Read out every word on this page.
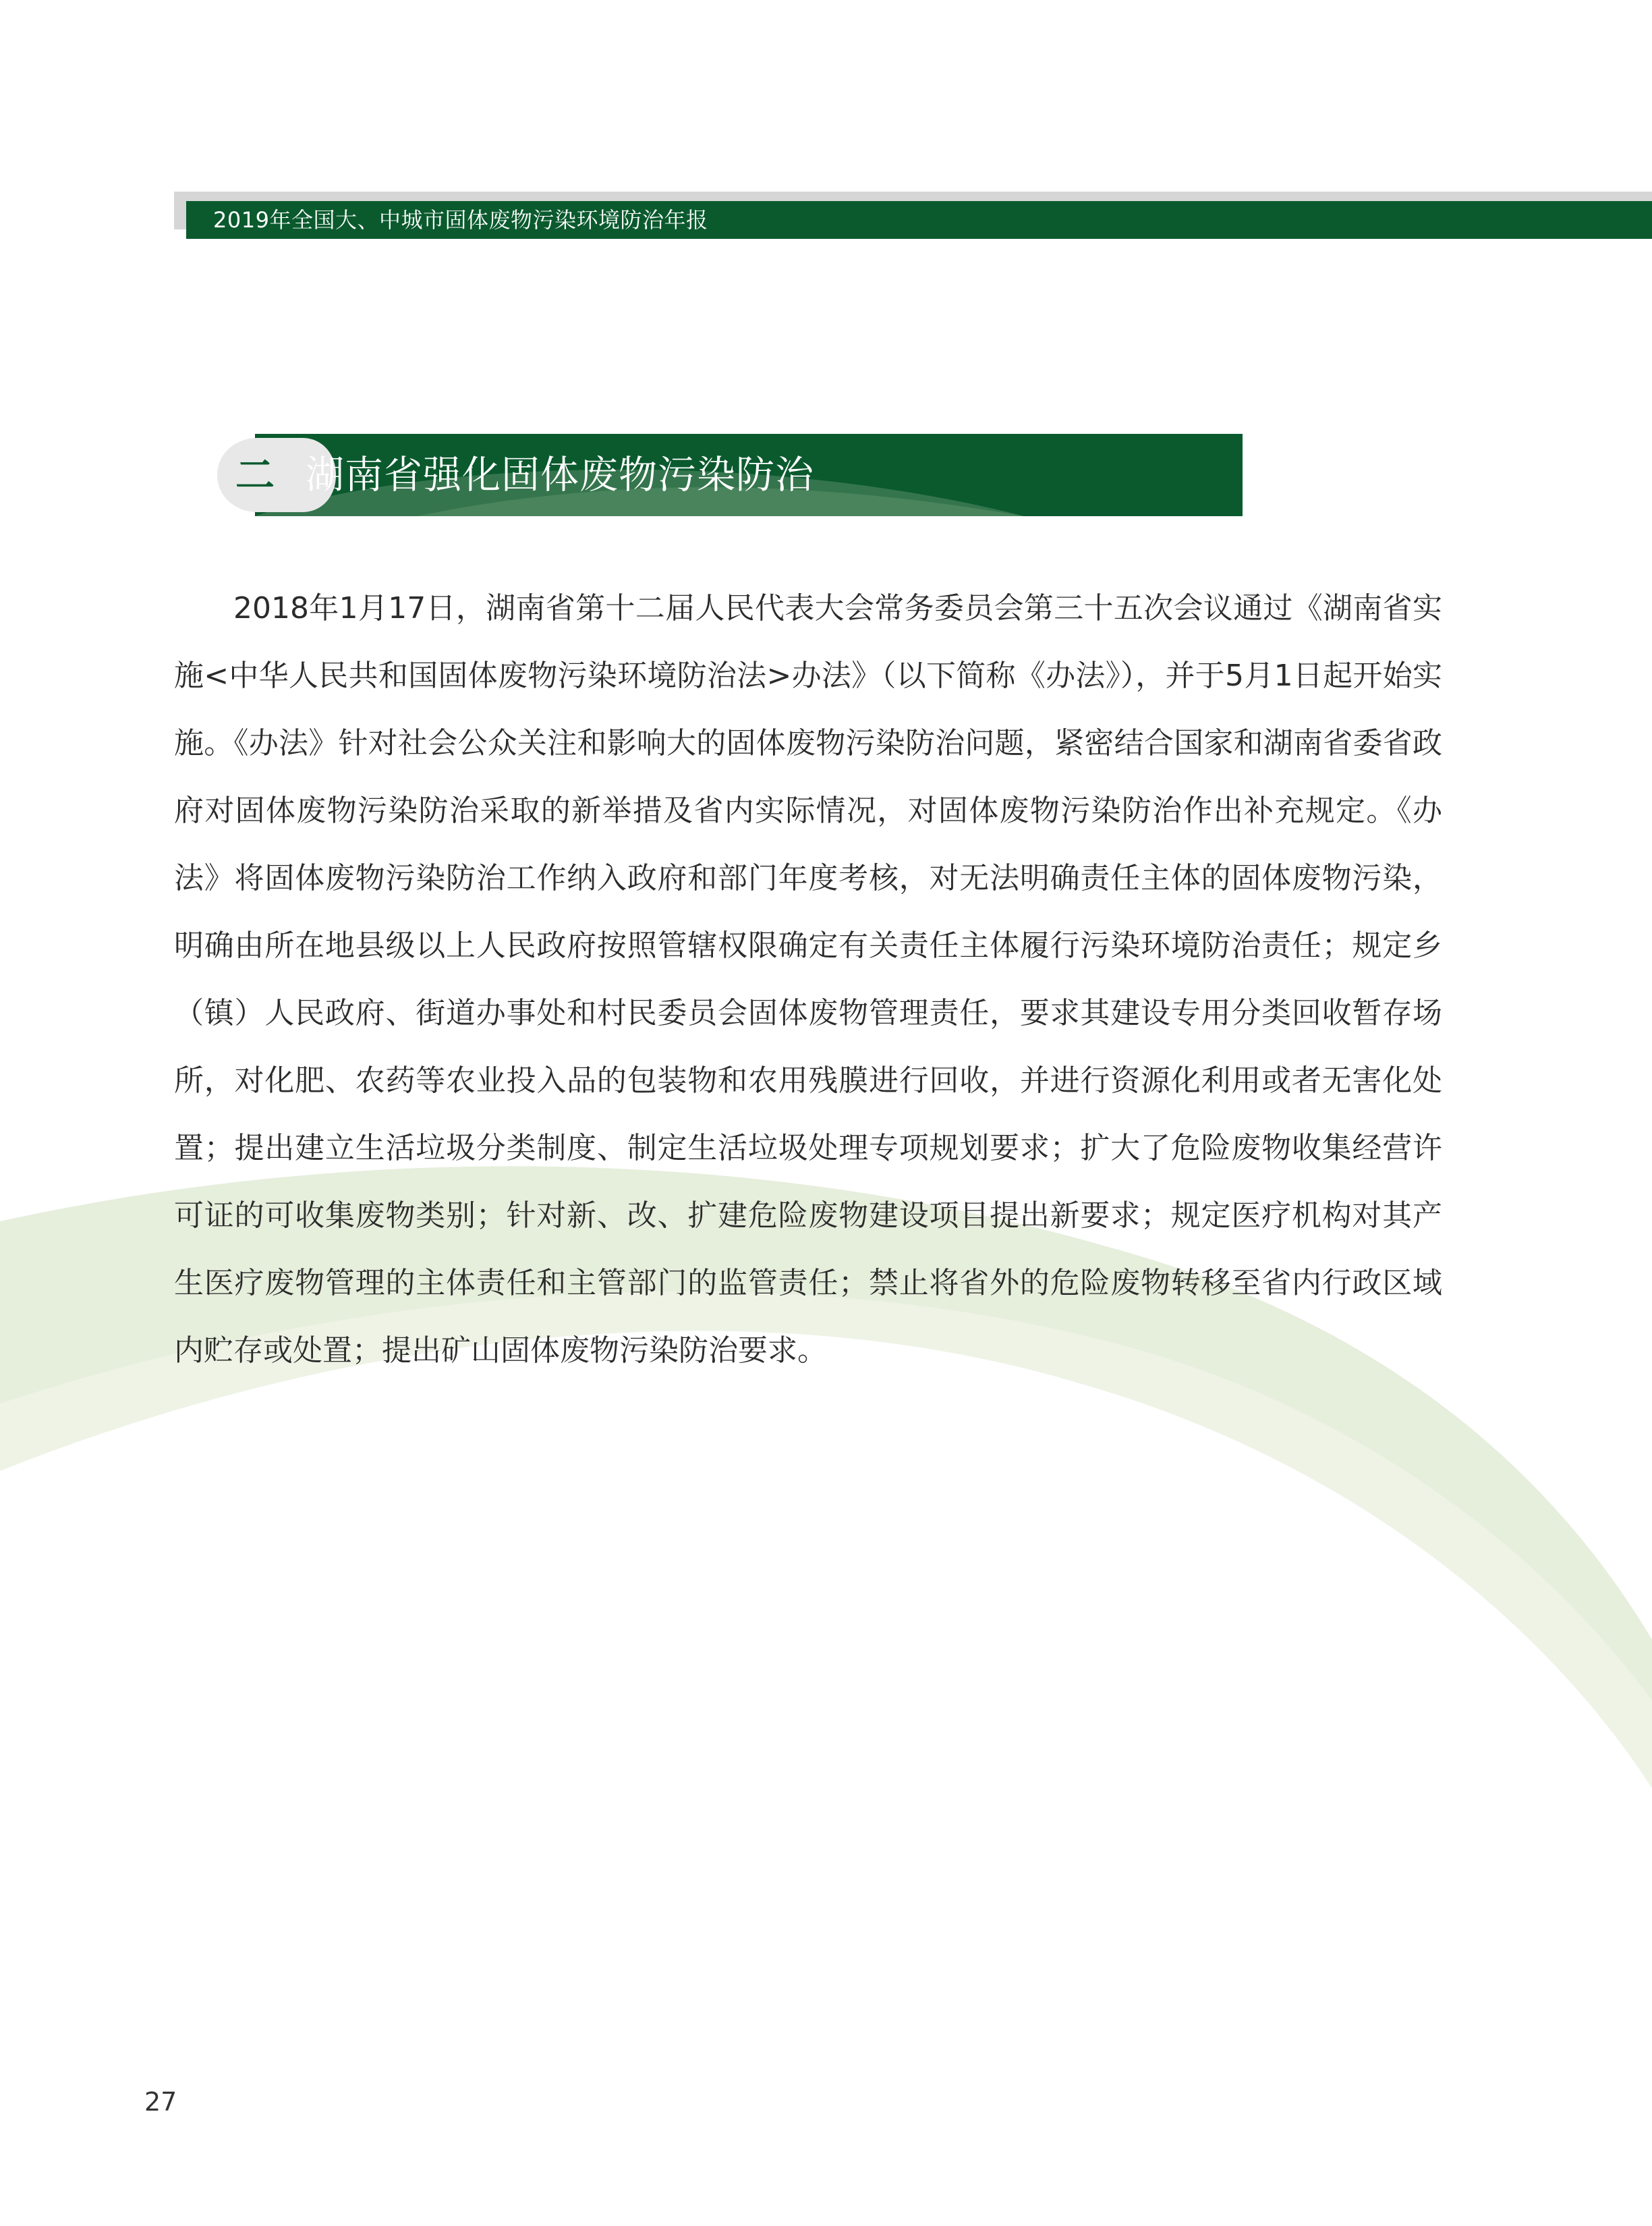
2019年全国大、中城市固体废物污染环境防治年报
二 湖南省强化固体废物污染防治

2018年1月17日，湖南省第十二届人民代表大会常务委员会第三十五次会议通过《湖南省实施<中华人民共和国固体废物污染环境防治法>办法》（以下简称《办法》），并于5月1日起开始实施。《办法》针对社会公众关注和影响大的固体废物污染防治问题，紧密结合国家和湖南省委省政府对固体废物污染防治采取的新举措及省内实际情况，对固体废物污染防治作出补充规定。《办法》将固体废物污染防治工作纳入政府和部门年度考核，对无法明确责任主体的固体废物污染，明确由所在地县级以上人民政府按照管辖权限确定有关责任主体履行污染环境防治责任；规定乡（镇）人民政府、街道办事处和村民委员会固体废物管理责任，要求其建设专用分类回收暂存场所，对化肥、农药等农业投入品的包装物和农用残膜进行回收，并进行资源化利用或者无害化处置；提出建立生活垃圾分类制度、制定生活垃圾处理专项规划要求；扩大了危险废物收集经营许可证的可收集废物类别；针对新、改、扩建危险废物建设项目提出新要求；规定医疗机构对其产生医疗废物管理的主体责任和主管部门的监管责任；禁止将省外的危险废物转移至省内行政区域内贮存或处置；提出矿山固体废物污染防治要求。

27
